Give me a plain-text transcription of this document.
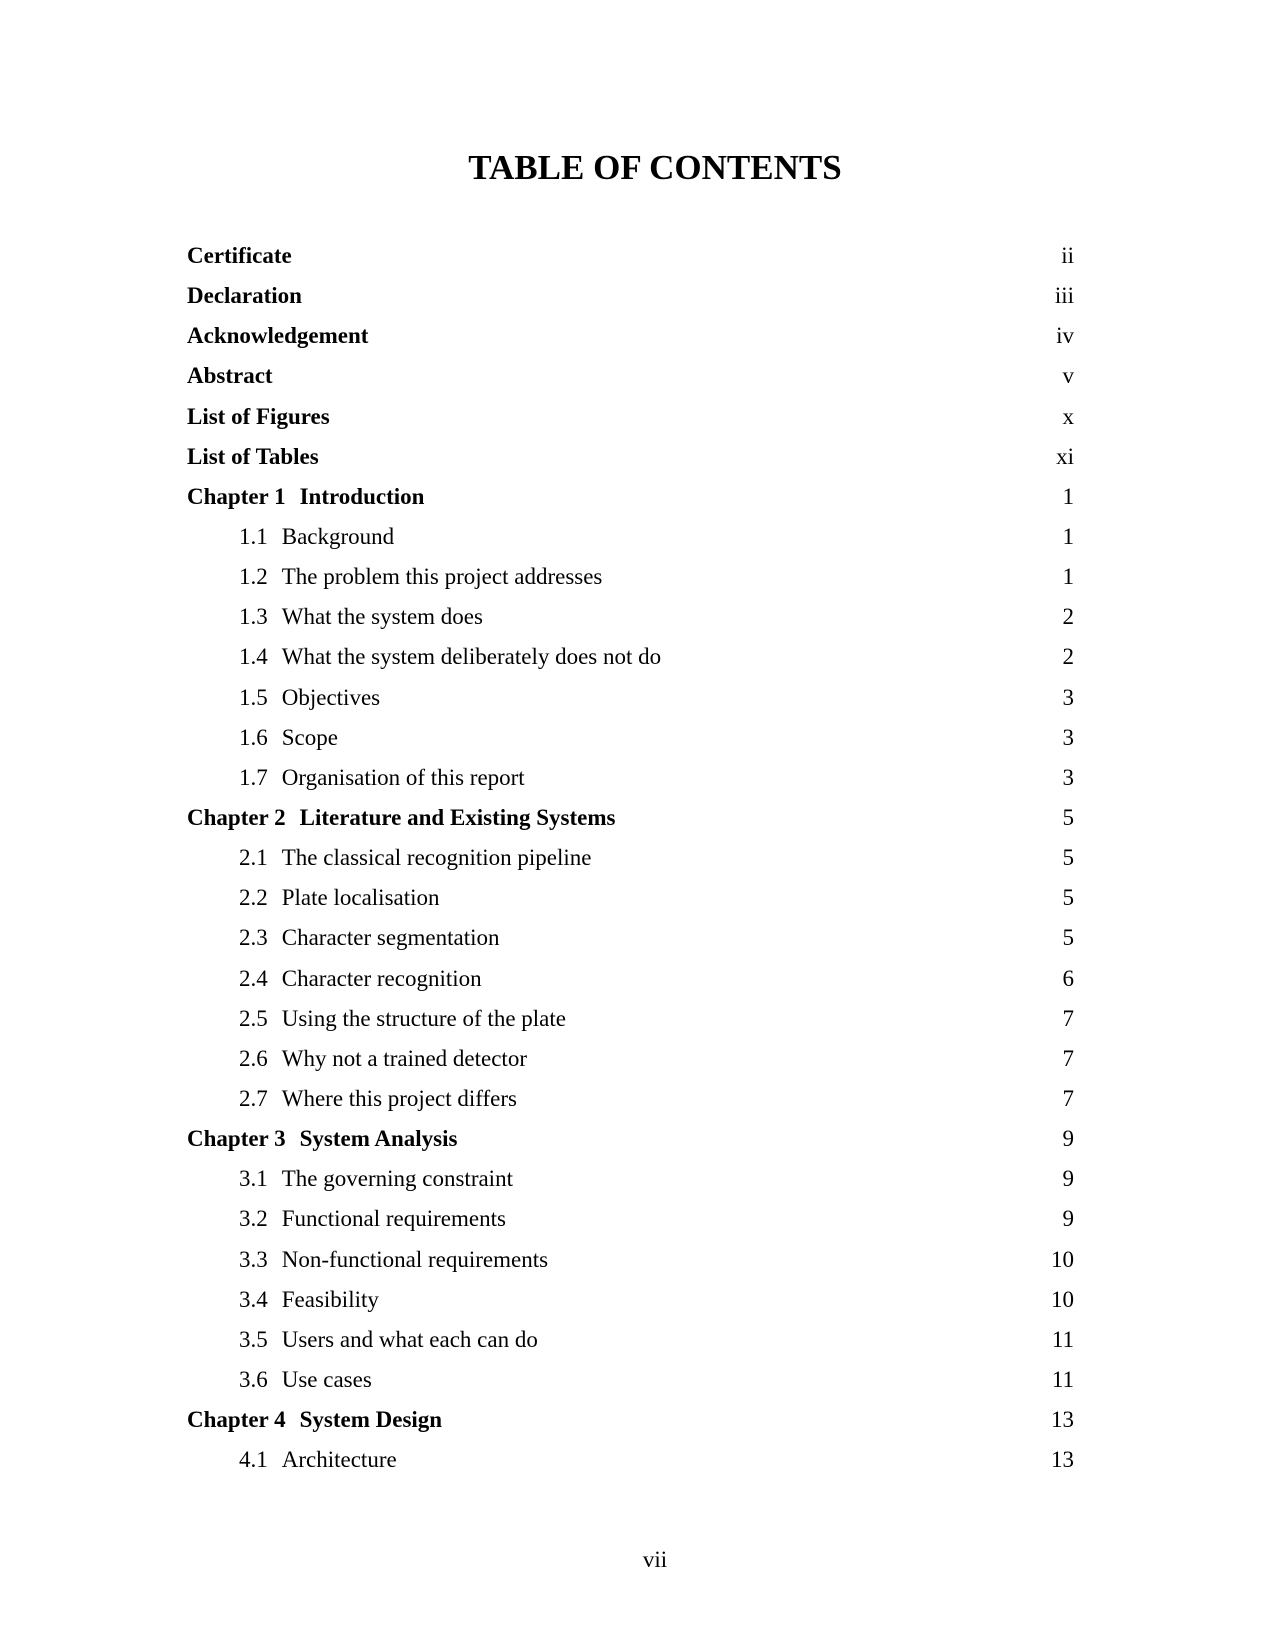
TABLE OF CONTENTS
Certificate	ii
Declaration	iii
Acknowledgement	iv
Abstract	v
List of Figures	x
List of Tables	xi
Chapter 1 Introduction	1
1.1 Background	1
1.2 The problem this project addresses	1
1.3 What the system does	2
1.4 What the system deliberately does not do	2
1.5 Objectives	3
1.6 Scope	3
1.7 Organisation of this report	3
Chapter 2 Literature and Existing Systems	5
2.1 The classical recognition pipeline	5
2.2 Plate localisation	5
2.3 Character segmentation	5
2.4 Character recognition	6
2.5 Using the structure of the plate	7
2.6 Why not a trained detector	7
2.7 Where this project differs	7
Chapter 3 System Analysis	9
3.1 The governing constraint	9
3.2 Functional requirements	9
3.3 Non-functional requirements	10
3.4 Feasibility	10
3.5 Users and what each can do	11
3.6 Use cases	11
Chapter 4 System Design	13
4.1 Architecture	13
vii
